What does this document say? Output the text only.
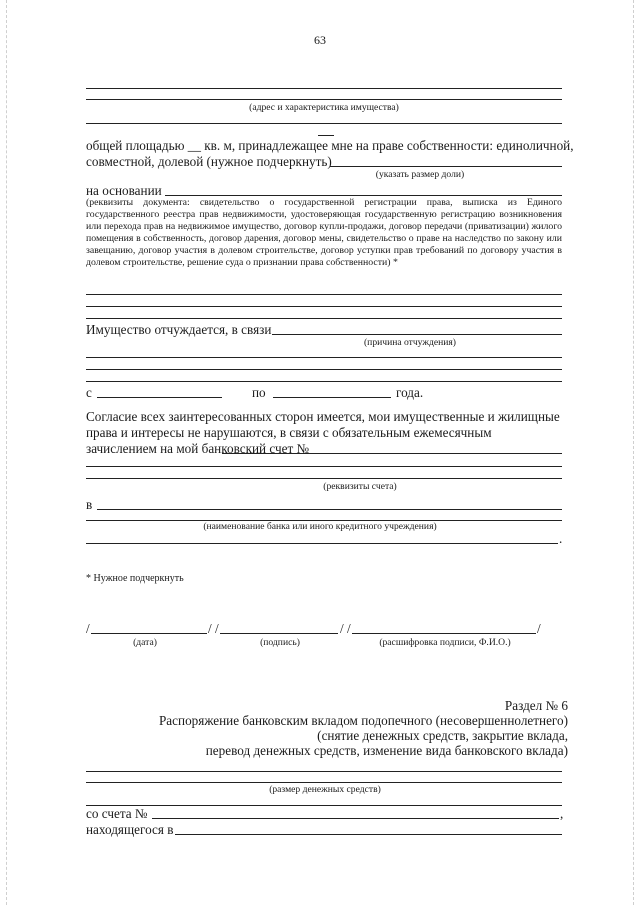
63
(адрес и характеристика имущества)
общей площадью __ кв. м, принадлежащее мне на праве собственности: единоличной,
совместной, долевой (нужное подчеркнуть)
(указать размер доли)
на основании
(реквизиты документа: свидетельство о государственной регистрации права, выписка из Единого государственного реестра прав недвижимости, удостоверяющая государственную регистрацию возникновения или перехода прав на недвижимое имущество, договор купли-продажи, договор передачи (приватизации) жилого помещения в собственность, договор дарения, договор мены, свидетельство о праве на наследство по закону или завещанию, договор участия в долевом строительстве, договор уступки прав требований по договору участия в долевом строительстве, решение суда о признании права собственности) *
Имущество отчуждается, в связи
(причина отчуждения)
с	по	года.
Согласие всех заинтересованных сторон имеется, мои имущественные и жилищные права и интересы не нарушаются, в связи с обязательным ежемесячным зачислением на мой банковский счет №
(реквизиты счета)
в
(наименование банка или иного кредитного учреждения)
.
* Нужное подчеркнуть
/	/ /	/ /	/
(дата)	(подпись)	(расшифровка подписи, Ф.И.О.)
Раздел № 6
Распоряжение банковским вкладом подопечного (несовершеннолетнего)
(снятие денежных средств, закрытие вклада,
перевод денежных средств, изменение вида банковского вклада)
(размер денежных средств)
со счета №	,
находящегося в
